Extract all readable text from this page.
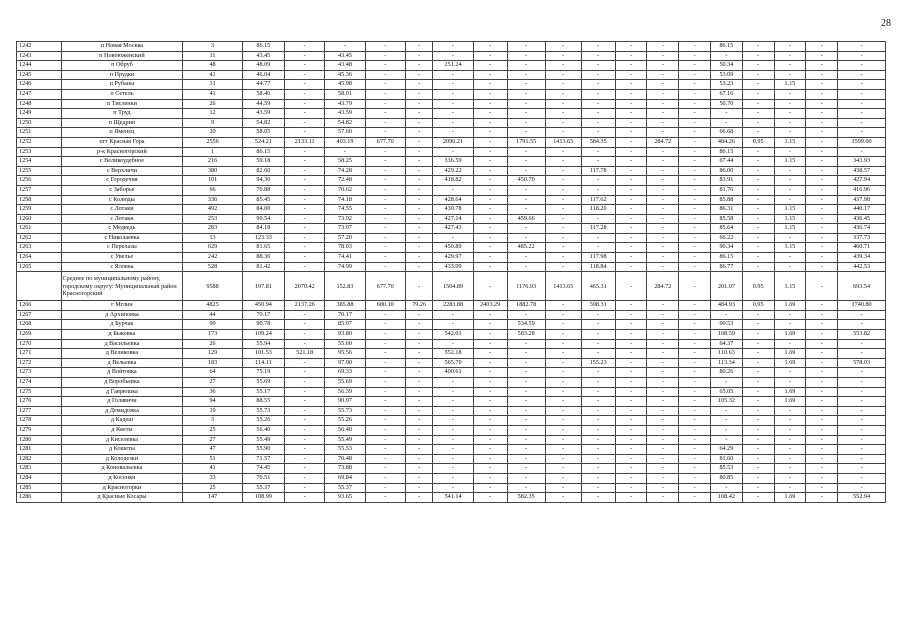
28
1242	п Новая Москва	3	86.15	-	-	-	-	-	-	-	-	-	-	-	-	86.15	-	-	-	-
1243	п Новоюженский	11	43.45	-	43.45	-	-	-	-	-	-	-	-	-	-	-	-	-	-	-
1244	п Обруб	48	48.09	-	43.48	-	-	251.24	-	-	-	-	-	-	-	50.34	-	-	-	-
1245	п Прудки	41	46.04	-	45.36	-	-	-	-	-	-	-	-	-	-	53.09	-	-	-	-
1246	п Рубаны	31	44.77	-	45.98	-	-	-	-	-	-	-	-	-	-	53.23	-	1.15	-	-
1247	п Сетель	41	58.46	-	58.01	-	-	-	-	-	-	-	-	-	-	67.16	-	-	-	-
1248	п Тисленки	26	44.59	-	43.79	-	-	-	-	-	-	-	-	-	-	50.70	-	-	-	-
1249	п Труд	12	43.59	-	43.59	-	-	-	-	-	-	-	-	-	-	-	-	-	-	-
1250	п Щедрин	9	54.82	-	54.82	-	-	-	-	-	-	-	-	-	-	-	-	-	-	-
1251	п Яменец	20	58.05	-	57.60	-	-	-	-	-	-	-	-	-	-	66.68	-	-	-	-
1252	пгт Красная Гора	2556	524.21	2133.11	403.19	677.70	-	2090.21	-	1791.55	1413.65	584.35	-	284.72	-	484.26	0.95	1.15	-	1599.00
1253	р-к Красногорский	1	86.15	-	-	-	-	-	-	-	-	-	-	-	-	86.15	-	-	-	-
1254	с Великоудебное	216	59.18	-	58.25	-	-	336.59	-	-	-	-	-	-	-	67.44	-	1.15	-	343.93
1255	с Верхличи	380	82.60	-	74.28	-	-	429.22	-	-	-	117.78	-	-	-	86.00	-	-	-	438.57
1256	с Городечня	101	94.30	-	72.48	-	-	418.82	-	450.70	-	-	-	-	-	83.91	-	-	-	427.94
1257	с Заборье	66	70.88	-	70.62	-	-	-	-	-	-	-	-	-	-	81.76	-	-	-	416.96
1258	с Колюды	336	85.45	-	74.18	-	-	428.64	-	-	-	117.62	-	-	-	85.88	-	-	-	437.98
1259	с Лотаки	492	84.00	-	74.55	-	-	430.78	-	-	-	118.20	-	-	-	86.31	-	1.15	-	440.17
1260	с Лотаки	253	90.54	-	73.92	-	-	427.14	-	459.66	-	-	-	-	-	85.58	-	1.15	-	436.45
1261	с Медведь	283	84.18	-	73.97	-	-	427.43	-	-	-	117.28	-	-	-	85.64	-	1.15	-	436.74
1262	с Николаевка	13	123.33	-	57.20	-	-	-	-	-	-	-	-	-	-	66.22	-	-	-	337.73
1263	с Перелазы	629	81.65	-	78.03	-	-	450.89	-	485.22	-	-	-	-	-	90.34	-	1.15	-	460.71
1264	с Увелье	242	88.36	-	74.41	-	-	429.97	-	-	-	117.98	-	-	-	86.15	-	-	-	439.34
1265	с Яловка	528	81.42	-	74.99	-	-	433.09	-	-	-	118.84	-	-	-	86.77	-	-	-	442.53
	Среднее по муниципальному району, городскому округу: Муниципальный район Красногорский	9588	197.81	2070.42	152.83	677.70	-	1504.89	-	1176.93	1413.65	465.31	-	284.72	-	201.07	0.95	1.15	-	693.54
1266	г Мглин	4825	450.94	2137.26	385.88	680.10	79.26	2283.88	2403.29	1882.78	-	598.31	-	-	-	484.93	0.95	1.69	-	1740.80
1267	д Архиповка	44	70.17	-	70.17	-	-	-	-	-	-	-	-	-	-	-	-	-	-	-
1268	д Бурчак	99	90.78	-	85.97	-	-	-	-	534.59	-	-	-	-	-	99.53	-	-	-	-
1269	д Быковка	173	109.24	-	93.80	-	-	542.01	-	583.28	-	-	-	-	-	108.59	-	1.69	-	553.82
1270	д Васильевка	26	55.94	-	55.60	-	-	-	-	-	-	-	-	-	-	64.37	-	-	-	-
1271	д Великовка	129	101.53	521.18	95.56	-	-	552.18	-	-	-	-	-	-	-	110.63	-	1.69	-	-
1272	д Вельевка	183	114.11	-	97.90	-	-	565.70	-	-	-	155.23	-	-	-	113.34	-	1.69	-	578.03
1273	д Войтовка	64	75.19	-	69.33	-	-	400.61	-	-	-	-	-	-	-	80.26	-	-	-	-
1274	д Воробьевка	27	55.69	-	55.69	-	-	-	-	-	-	-	-	-	-	-	-	-	-	-
1275	д Гаврюшка	36	55.17	-	56.39	-	-	-	-	-	-	-	-	-	-	65.05	-	1.69	-	-
1276	д Голявичи	94	88.55	-	90.97	-	-	-	-	-	-	-	-	-	-	105.32	-	1.69	-	-
1277	д Демидовка	19	55.73	-	55.73	-	-	-	-	-	-	-	-	-	-	-	-	-	-	-
1278	д Кадеш	3	55.26	-	55.26	-	-	-	-	-	-	-	-	-	-	-	-	-	-	-
1279	д Кветы	25	56.40	-	56.40	-	-	-	-	-	-	-	-	-	-	-	-	-	-	-
1280	д Киселевка	27	55.49	-	55.49	-	-	-	-	-	-	-	-	-	-	-	-	-	-	-
1281	д Кошеты	47	55.90	-	55.53	-	-	-	-	-	-	-	-	-	-	64.29	-	-	-	-
1282	д Колодезки	51	71.57	-	70.48	-	-	-	-	-	-	-	-	-	-	81.60	-	-	-	-
1283	д Коновальевка	41	74.45	-	73.88	-	-	-	-	-	-	-	-	-	-	85.53	-	-	-	-
1284	д Косенки	33	70.51	-	69.84	-	-	-	-	-	-	-	-	-	-	80.85	-	-	-	-
1285	д Красногорки	25	55.37	-	55.37	-	-	-	-	-	-	-	-	-	-	-	-	-	-	-
1286	д Красные Косары	147	108.99	-	93.65	-	-	541.14	-	582.35	-	-	-	-	-	108.42	-	1.69	-	552.94
